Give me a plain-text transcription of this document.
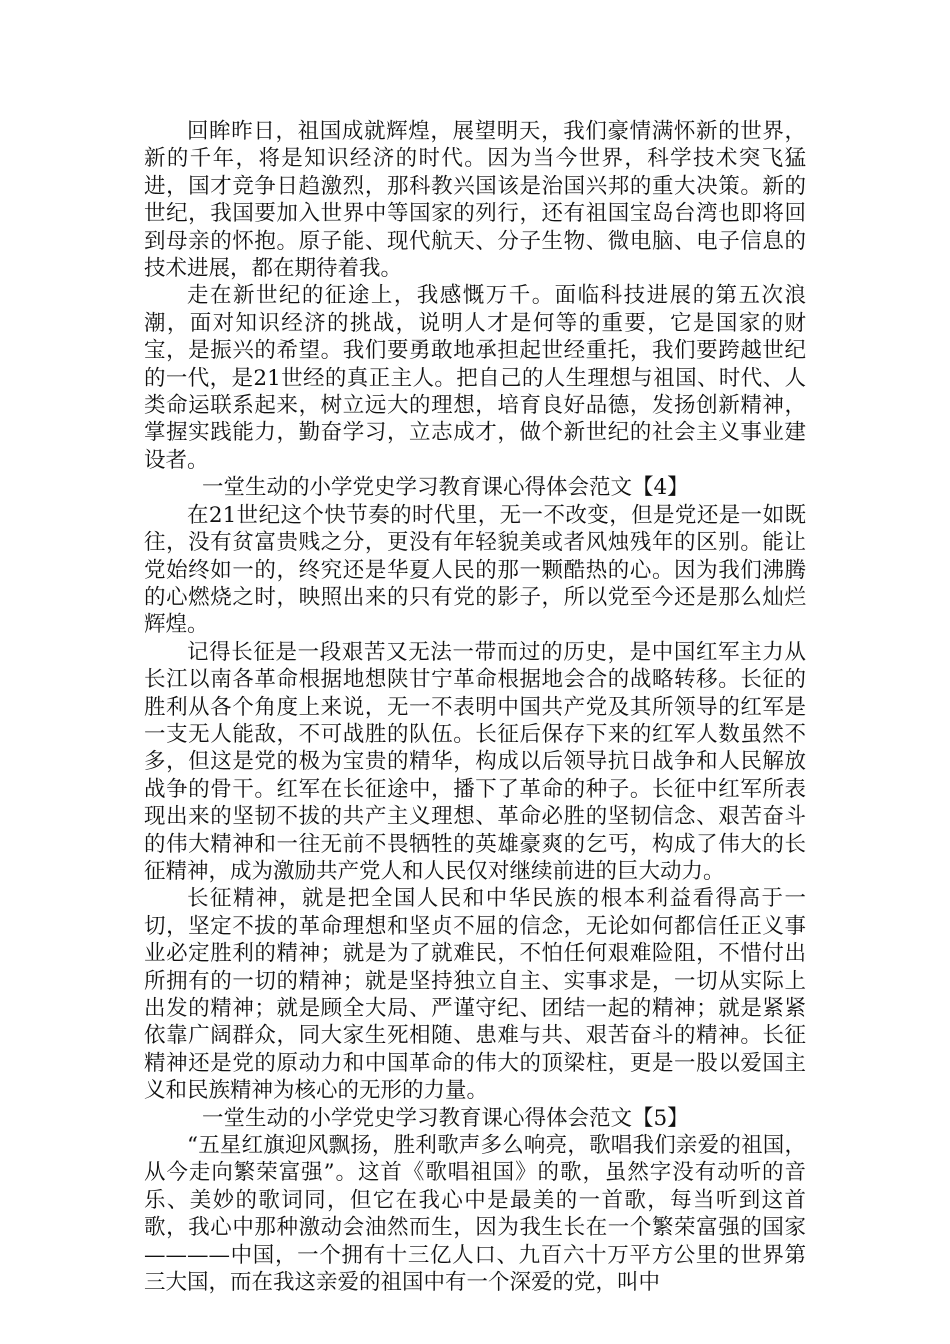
回眸昨日，祖国成就辉煌，展望明天，我们豪情满怀新的世界，新的千年，将是知识经济的时代。因为当今世界，科学技术突飞猛进，国才竞争日趋激烈，那科教兴国该是治国兴邦的重大决策。新的世纪，我国要加入世界中等国家的列行，还有祖国宝岛台湾也即将回到母亲的怀抱。原子能、现代航天、分子生物、微电脑、电子信息的技术进展，都在期待着我。

走在新世纪的征途上，我感慨万千。面临科技进展的第五次浪潮，面对知识经济的挑战，说明人才是何等的重要，它是国家的财宝，是振兴的希望。我们要勇敢地承担起世经重托，我们要跨越世纪的一代，是21世经的真正主人。把自己的人生理想与祖国、时代、人类命运联系起来，树立远大的理想，培育良好品德，发扬创新精神，掌握实践能力，勤奋学习，立志成才，做个新世纪的社会主义事业建设者。

一堂生动的小学党史学习教育课心得体会范文【4】

在21世纪这个快节奏的时代里，无一不改变，但是党还是一如既往，没有贫富贵贱之分，更没有年轻貌美或者风烛残年的区别。能让党始终如一的，终究还是华夏人民的那一颗酷热的心。因为我们沸腾的心燃烧之时，映照出来的只有党的影子，所以党至今还是那么灿烂辉煌。

记得长征是一段艰苦又无法一带而过的历史，是中国红军主力从长江以南各革命根据地想陕甘宁革命根据地会合的战略转移。长征的胜利从各个角度上来说，无一不表明中国共产党及其所领导的红军是一支无人能敌，不可战胜的队伍。长征后保存下来的红军人数虽然不多，但这是党的极为宝贵的精华，构成以后领导抗日战争和人民解放战争的骨干。红军在长征途中，播下了革命的种子。长征中红军所表现出来的坚韧不拔的共产主义理想、革命必胜的坚韧信念、艰苦奋斗的伟大精神和一往无前不畏牺牲的英雄豪爽的乞丐，构成了伟大的长征精神，成为激励共产党人和人民仅对继续前进的巨大动力。

长征精神，就是把全国人民和中华民族的根本利益看得高于一切，坚定不拔的革命理想和坚贞不屈的信念，无论如何都信任正义事业必定胜利的精神；就是为了就难民，不怕任何艰难险阻，不惜付出所拥有的一切的精神；就是坚持独立自主、实事求是，一切从实际上出发的精神；就是顾全大局、严谨守纪、团结一起的精神；就是紧紧依靠广阔群众，同大家生死相随、患难与共、艰苦奋斗的精神。长征精神还是党的原动力和中国革命的伟大的顶梁柱，更是一股以爱国主义和民族精神为核心的无形的力量。

一堂生动的小学党史学习教育课心得体会范文【5】

“五星红旗迎风飘扬，胜利歌声多么响亮，歌唱我们亲爱的祖国，从今走向繁荣富强”。这首《歌唱祖国》的歌，虽然字没有动听的音乐、美妙的歌词同，但它在我心中是最美的一首歌，每当听到这首歌，我心中那种激动会油然而生，因为我生长在一个繁荣富强的国家————中国，一个拥有十三亿人口、九百六十万平方公里的世界第三大国，而在我这亲爱的祖国中有一个深爱的党，叫中
